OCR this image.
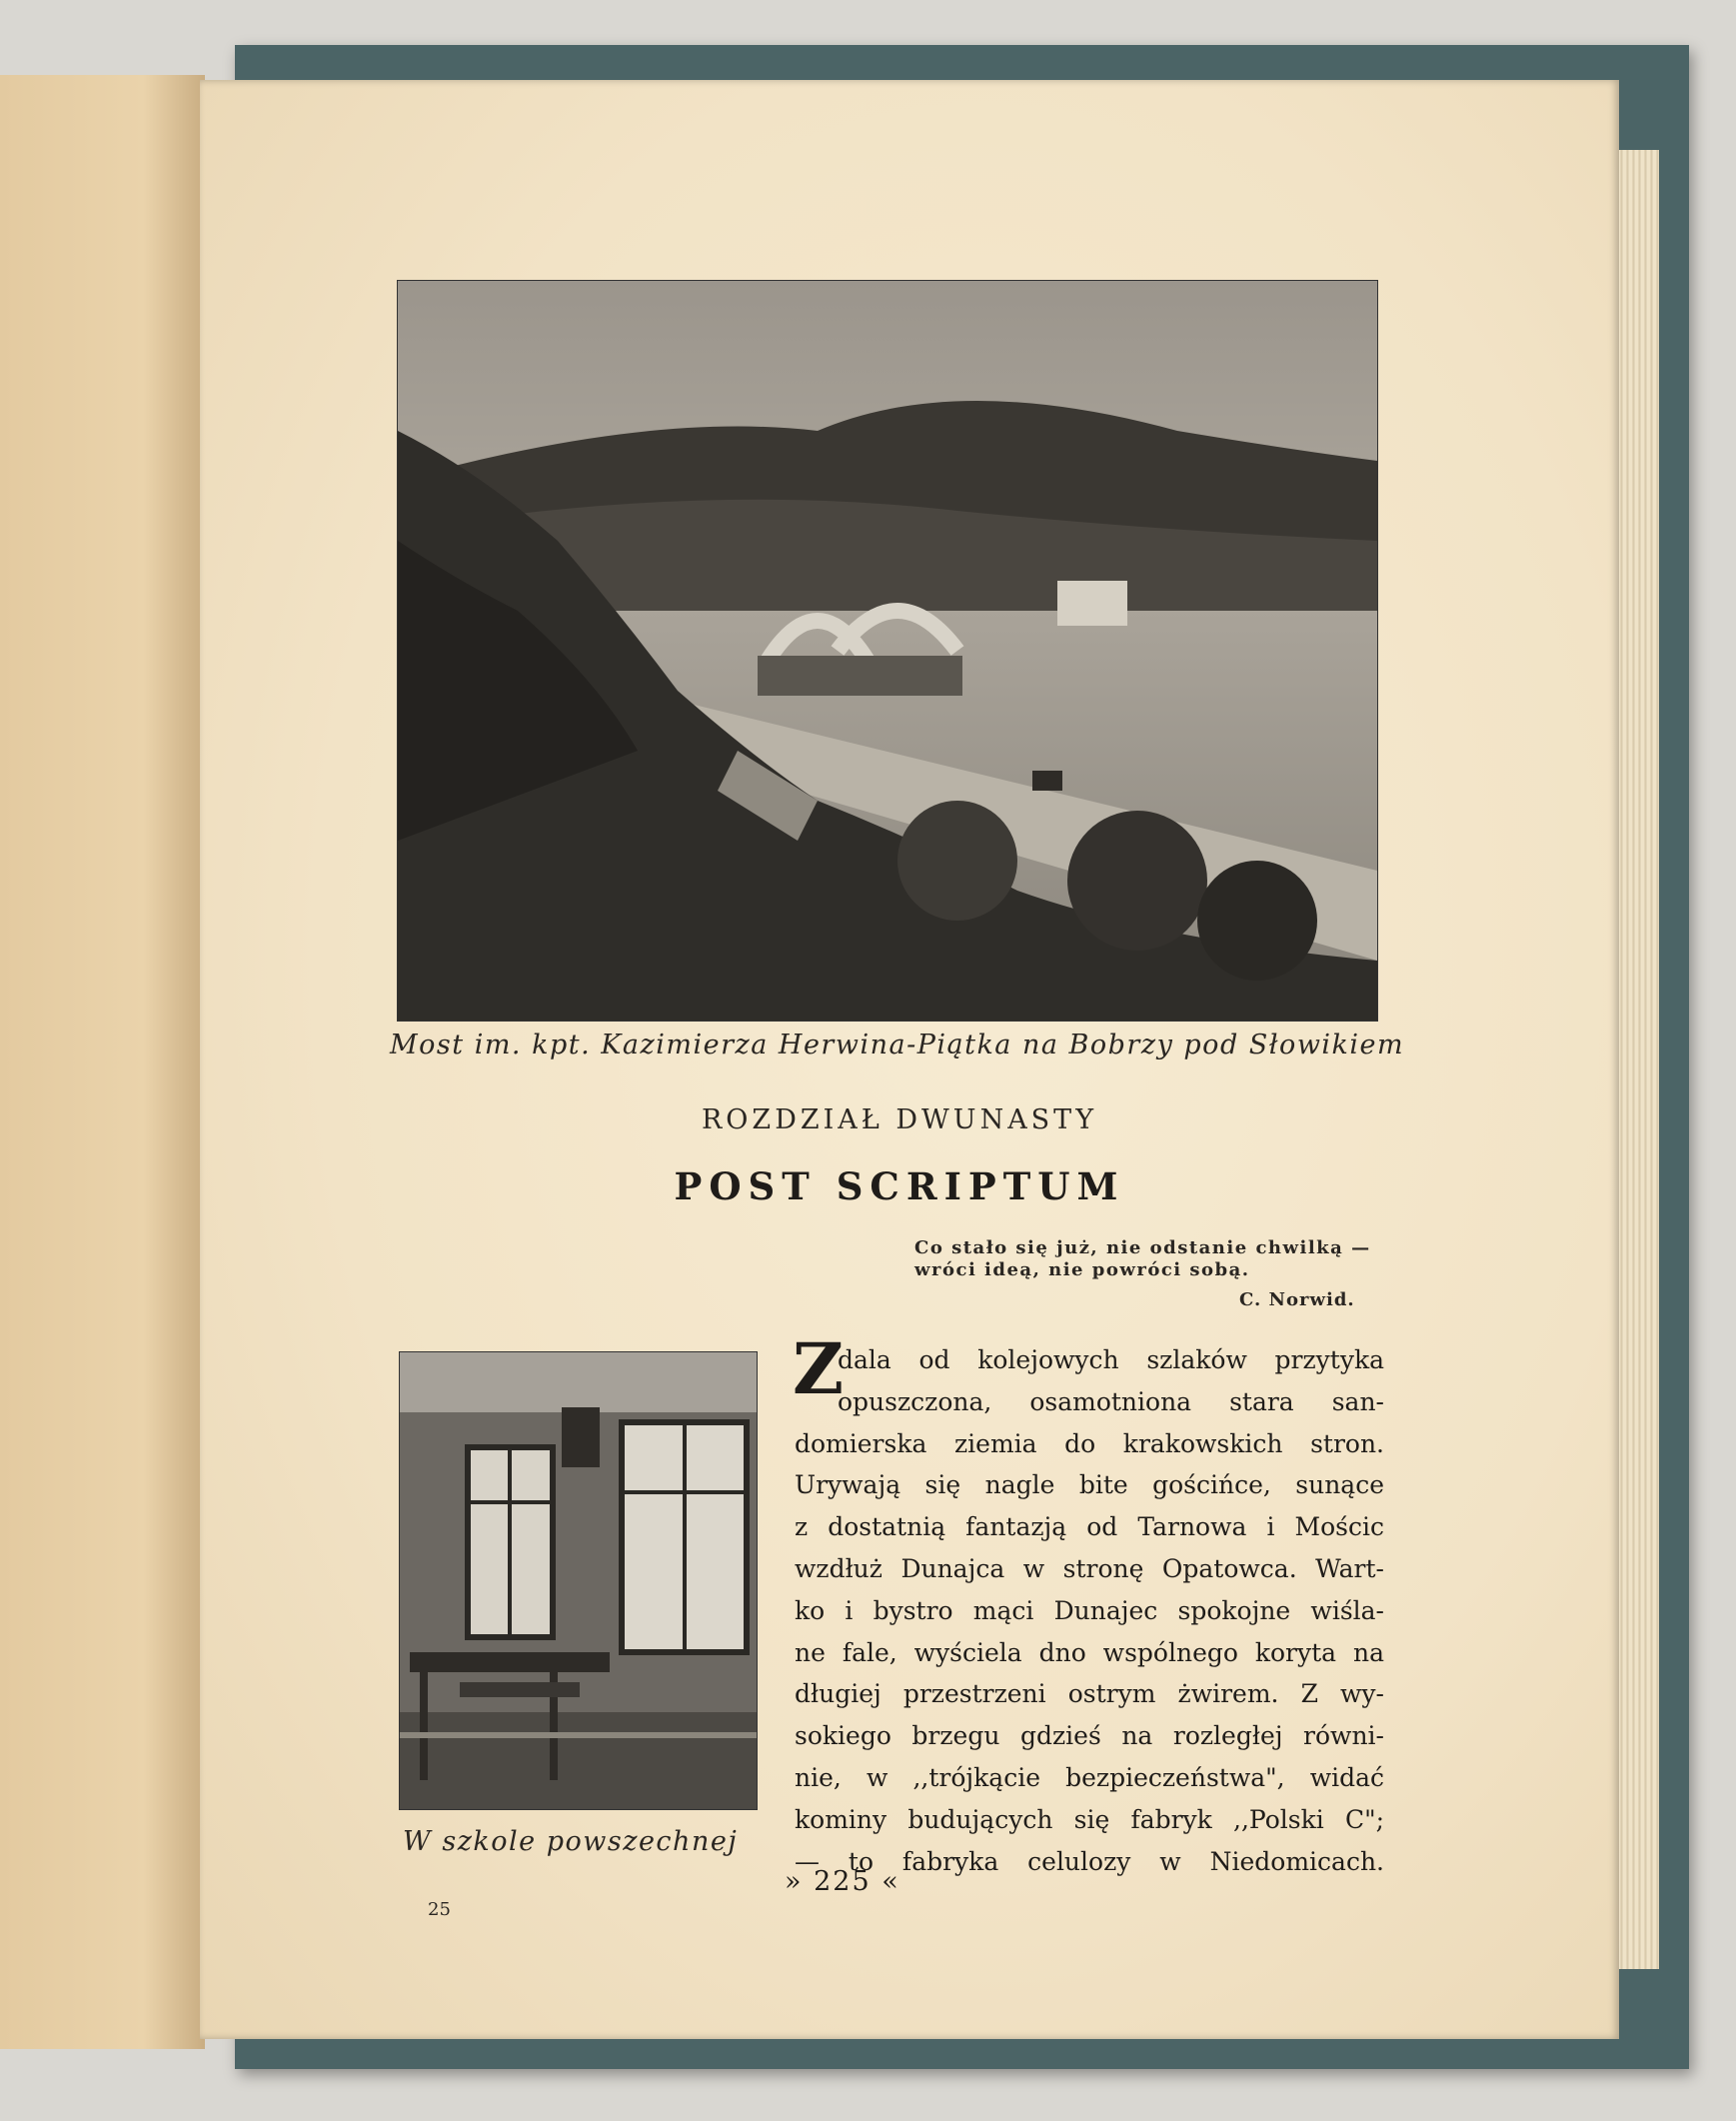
Most im. kpt. Kazimierza Herwina-Piątka na Bobrzy pod Słowikiem
ROZDZIAŁ DWUNASTY
POST SCRIPTUM
Co stało się już, nie odstanie chwilką —
wróci ideą, nie powróci sobą.
C. Norwid.
W szkole powszechnej
Z
dala od kolejowych szlaków przytyka
opuszczona, osamotniona stara san-
domierska ziemia do krakowskich stron.
Urywają się nagle bite gościńce, sunące
z dostatnią fantazją od Tarnowa i Mościc
wzdłuż Dunajca w stronę Opatowca. Wart-
ko i bystro mąci Dunajec spokojne wiśla-
ne fale, wyściela dno wspólnego koryta na
długiej przestrzeni ostrym żwirem. Z wy-
sokiego brzegu gdzieś na rozległej równi-
nie, w ,,trójkącie bezpieczeństwa", widać
kominy budujących się fabryk ,,Polski C";
— to fabryka celulozy w Niedomicach.
» 225 «
25
